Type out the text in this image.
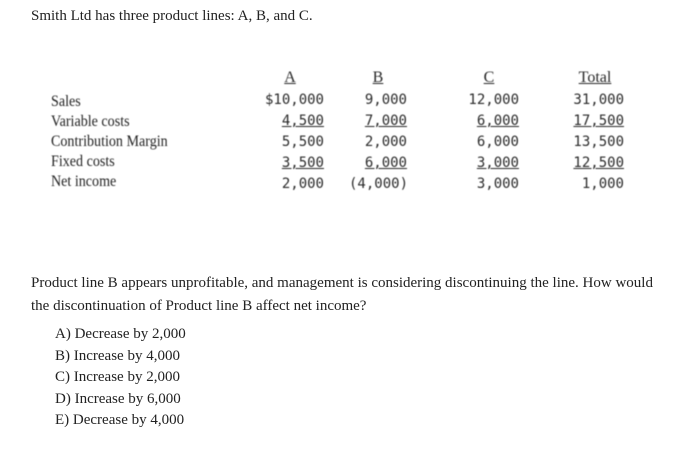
Smith Ltd has three product lines: A, B, and C.
Sales
Variable costs
Contribution Margin
Fixed costs
Net income
A
$10,000
4,500
5,500
3,500
2,000
B
9,000
7,000
2,000
6,000
(4,000)
C
12,000
6,000
6,000
3,000
3,000
Total
31,000
17,500
13,500
12,500
1,000
Product line B appears unprofitable, and management is considering discontinuing the line. How would the discontinuation of Product line B affect net income?
A) Decrease by 2,000
B) Increase by 4,000
C) Increase by 2,000
D) Increase by 6,000
E) Decrease by 4,000
